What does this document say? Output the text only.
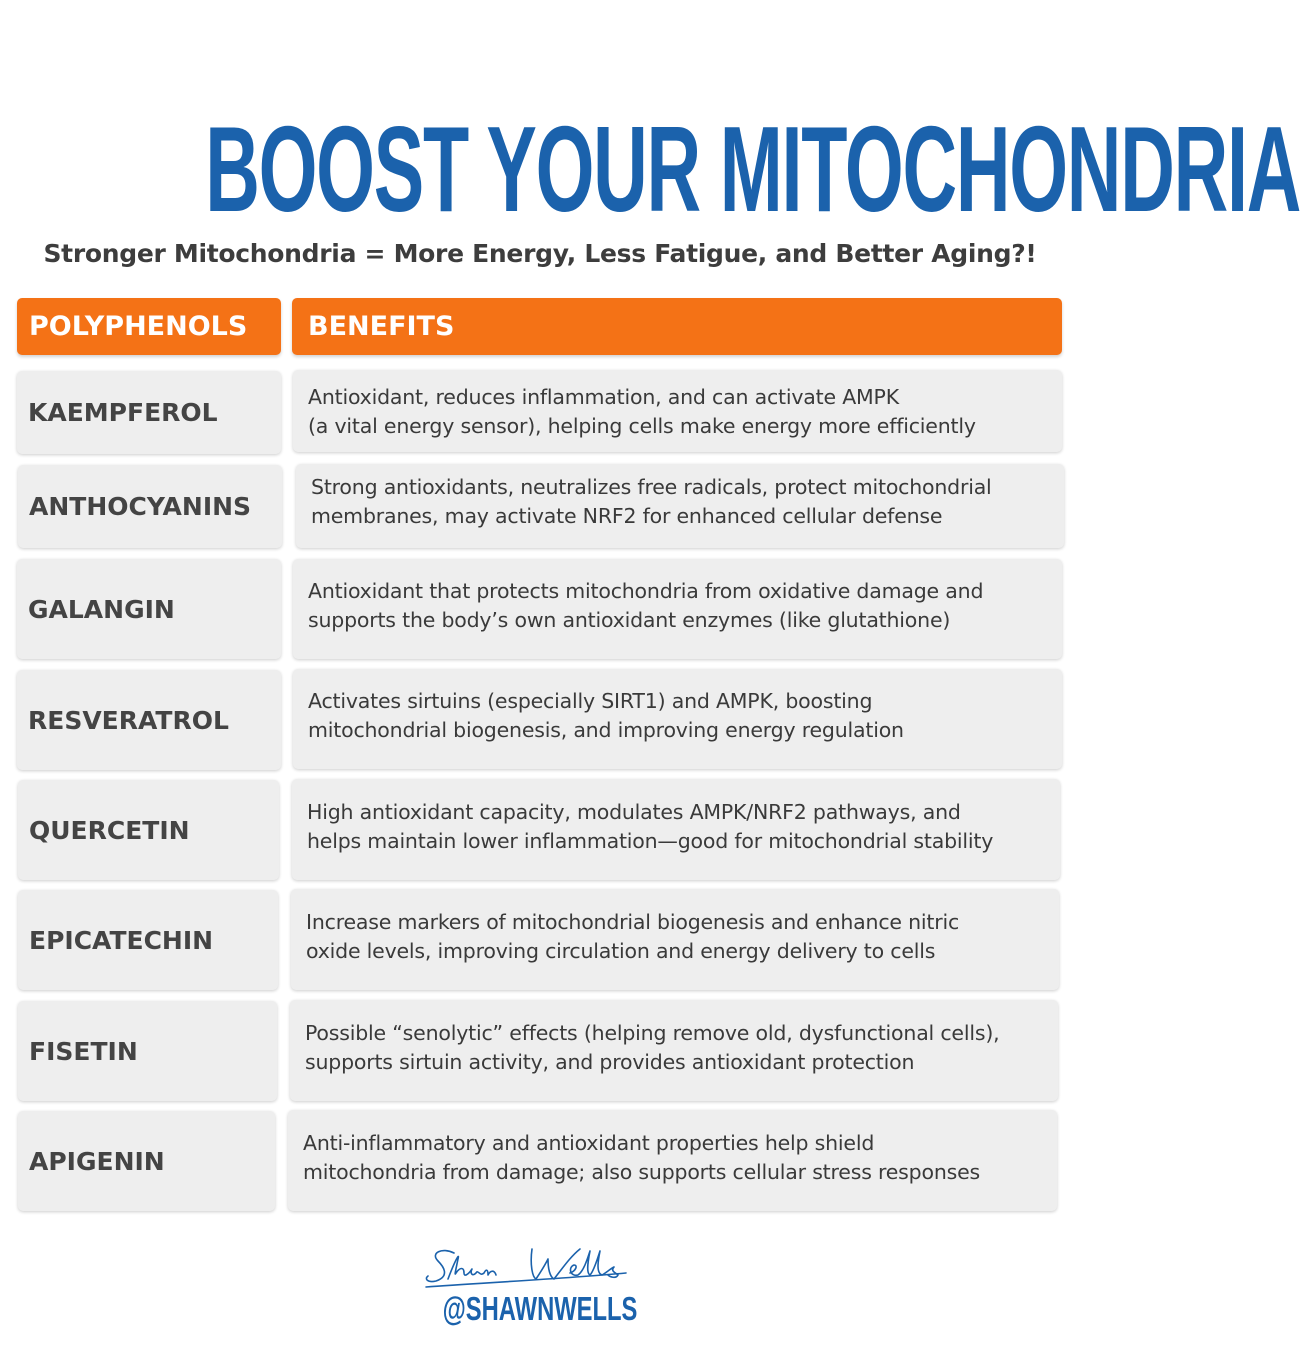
BOOST YOUR MITOCHONDRIA
Stronger Mitochondria = More Energy, Less Fatigue, and Better Aging?!
POLYPHENOLS	BENEFITS
KAEMPFEROL
Antioxidant, reduces inflammation, and can activate AMPK
(a vital energy sensor), helping cells make energy more efficiently
ANTHOCYANINS
Strong antioxidants, neutralizes free radicals, protect mitochondrial
membranes, may activate NRF2 for enhanced cellular defense
GALANGIN
Antioxidant that protects mitochondria from oxidative damage and
supports the body’s own antioxidant enzymes (like glutathione)
RESVERATROL
Activates sirtuins (especially SIRT1) and AMPK, boosting
mitochondrial biogenesis, and improving energy regulation
QUERCETIN
High antioxidant capacity, modulates AMPK/NRF2 pathways, and
helps maintain lower inflammation—good for mitochondrial stability
EPICATECHIN
Increase markers of mitochondrial biogenesis and enhance nitric
oxide levels, improving circulation and energy delivery to cells
FISETIN
Possible “senolytic” effects (helping remove old, dysfunctional cells),
supports sirtuin activity, and provides antioxidant protection
APIGENIN
Anti-inflammatory and antioxidant properties help shield
mitochondria from damage; also supports cellular stress responses
Shawn Wells
@SHAWNWELLS
